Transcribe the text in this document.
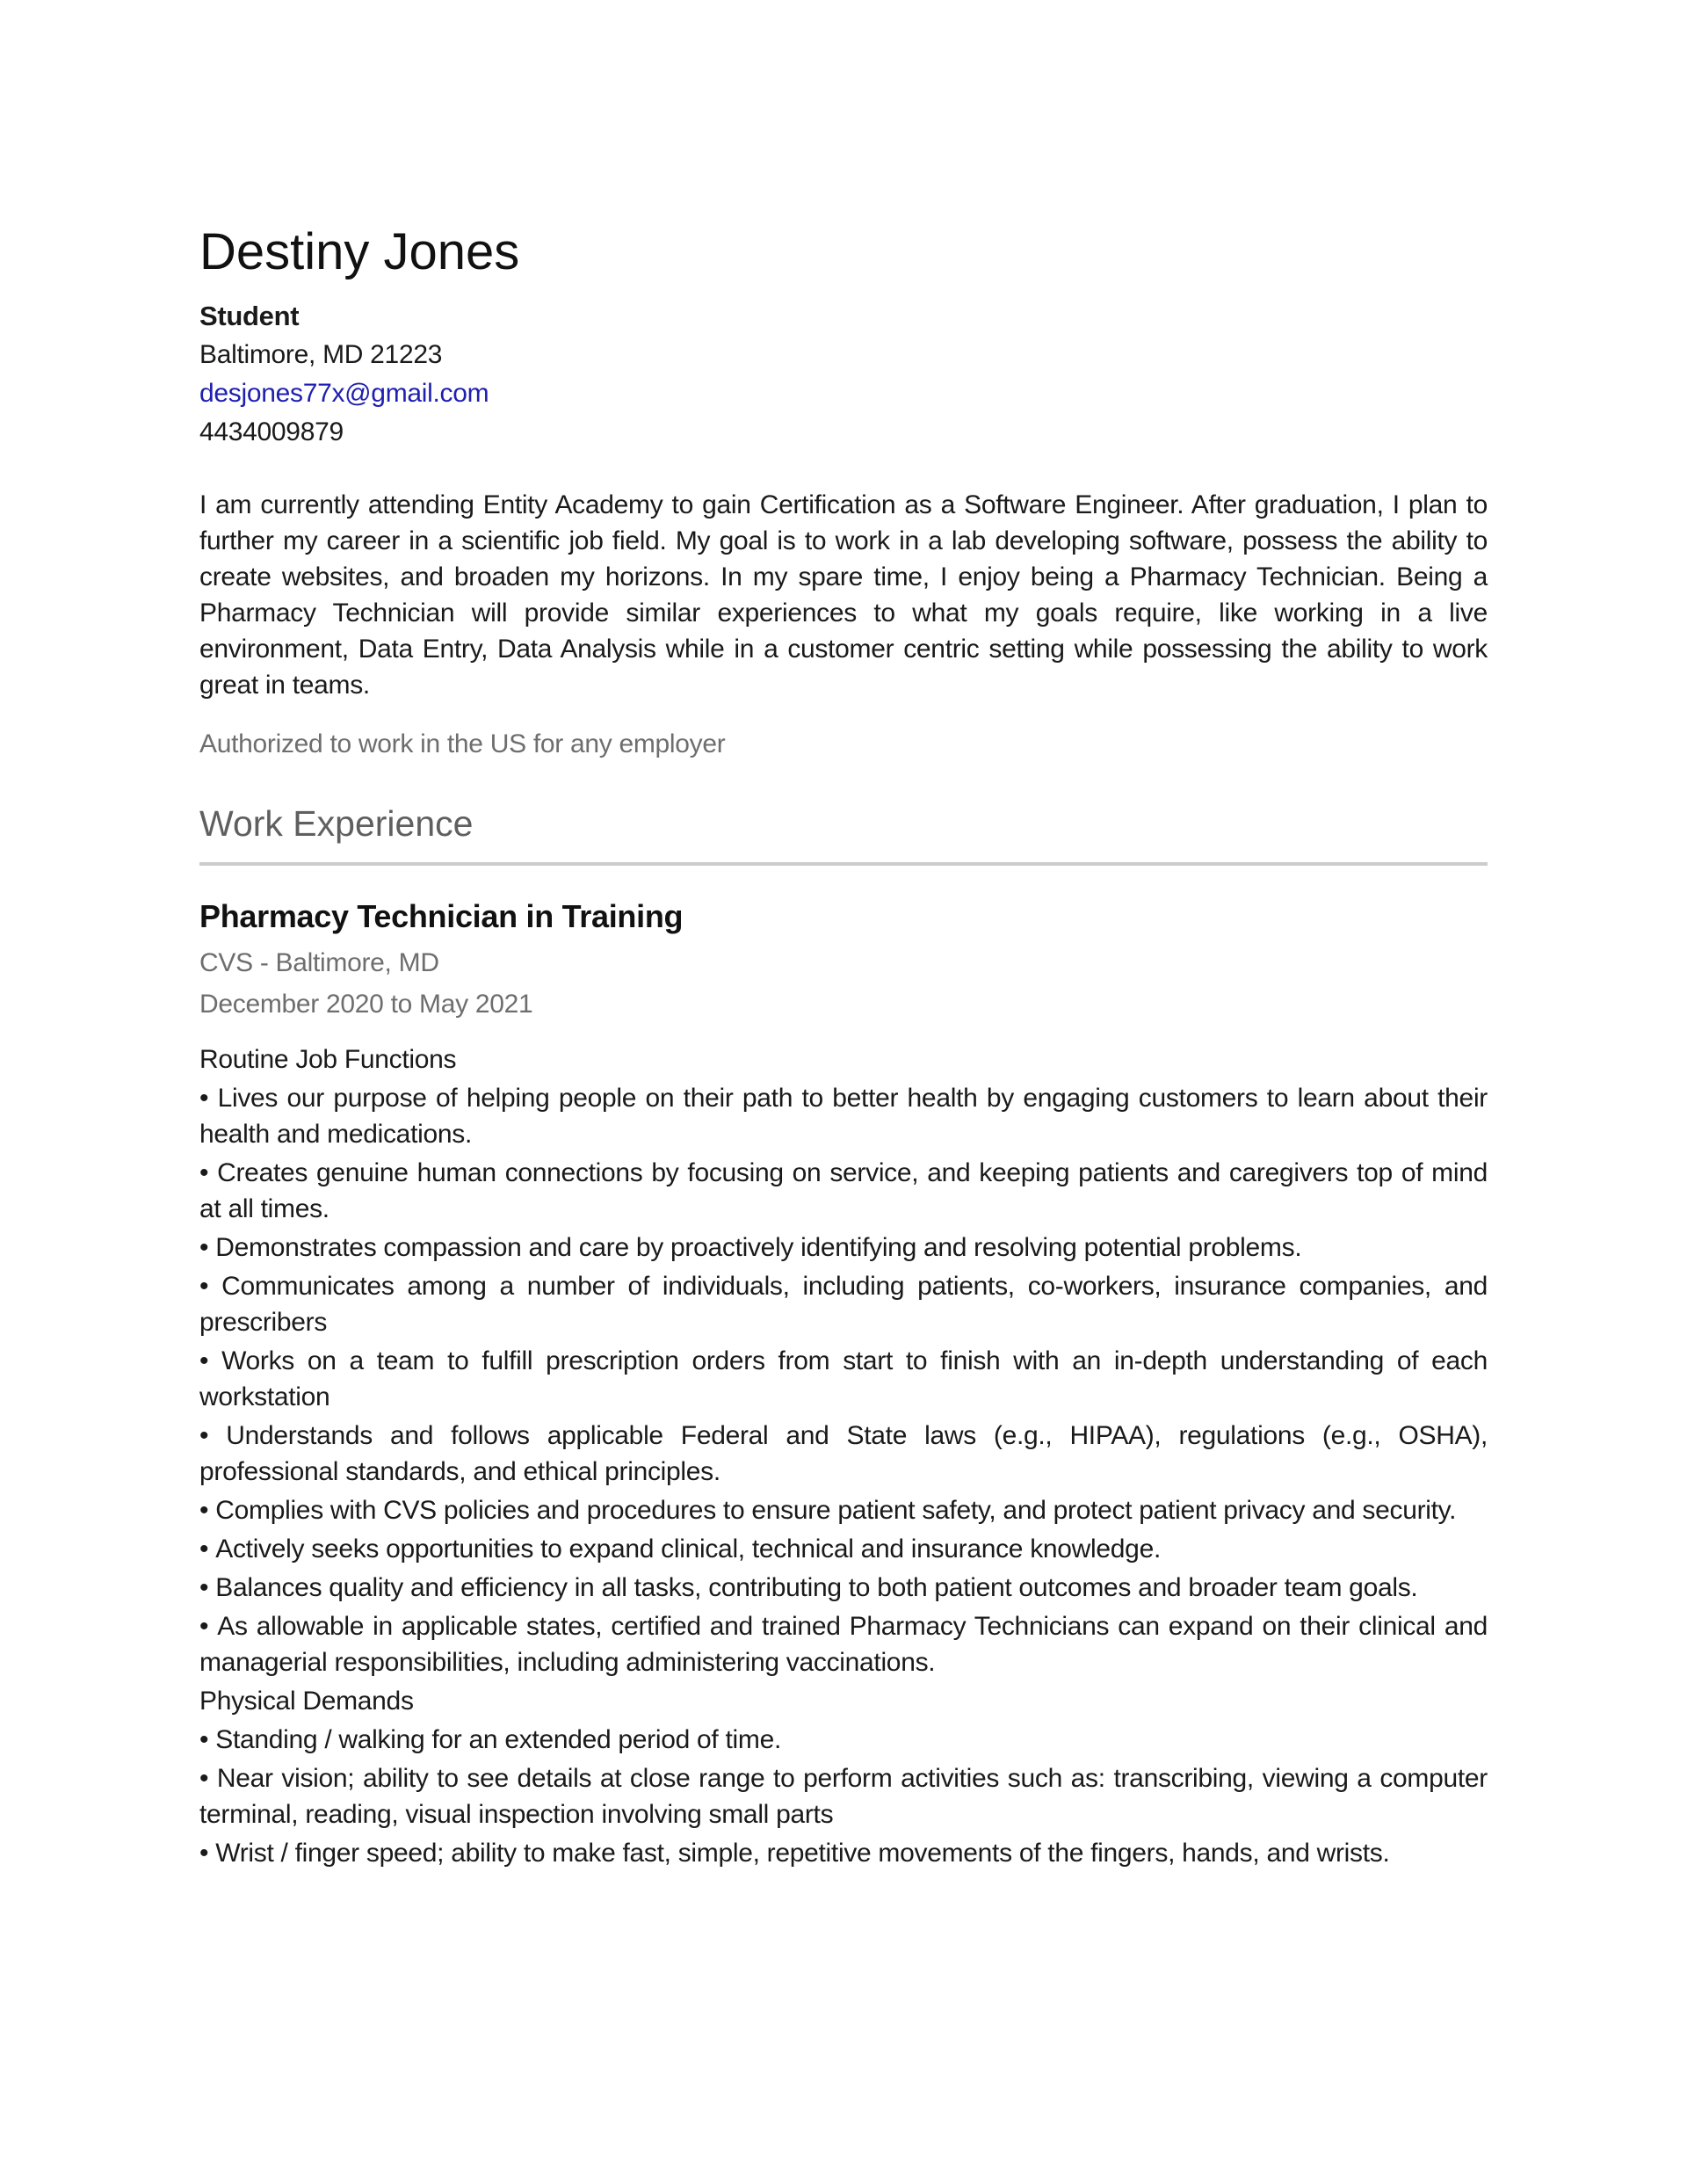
Destiny Jones
Student
Baltimore, MD 21223
desjones77x@gmail.com
4434009879
I am currently attending Entity Academy to gain Certification as a Software Engineer. After graduation, I plan to further my career in a scientific job field. My goal is to work in a lab developing software, possess the ability to create websites, and broaden my horizons. In my spare time, I enjoy being a Pharmacy Technician. Being a Pharmacy Technician will provide similar experiences to what my goals require, like working in a live environment, Data Entry, Data Analysis while in a customer centric setting while possessing the ability to work great in teams.
Authorized to work in the US for any employer
Work Experience
Pharmacy Technician in Training
CVS - Baltimore, MD
December 2020 to May 2021
Routine Job Functions
• Lives our purpose of helping people on their path to better health by engaging customers to learn about their health and medications.
• Creates genuine human connections by focusing on service, and keeping patients and caregivers top of mind at all times.
• Demonstrates compassion and care by proactively identifying and resolving potential problems.
• Communicates among a number of individuals, including patients, co-workers, insurance companies, and prescribers
• Works on a team to fulfill prescription orders from start to finish with an in-depth understanding of each workstation
• Understands and follows applicable Federal and State laws (e.g., HIPAA), regulations (e.g., OSHA), professional standards, and ethical principles.
• Complies with CVS policies and procedures to ensure patient safety, and protect patient privacy and security.
• Actively seeks opportunities to expand clinical, technical and insurance knowledge.
• Balances quality and efficiency in all tasks, contributing to both patient outcomes and broader team goals.
• As allowable in applicable states, certified and trained Pharmacy Technicians can expand on their clinical and managerial responsibilities, including administering vaccinations.
Physical Demands
• Standing / walking for an extended period of time.
• Near vision; ability to see details at close range to perform activities such as: transcribing, viewing a computer terminal, reading, visual inspection involving small parts
• Wrist / finger speed; ability to make fast, simple, repetitive movements of the fingers, hands, and wrists.
